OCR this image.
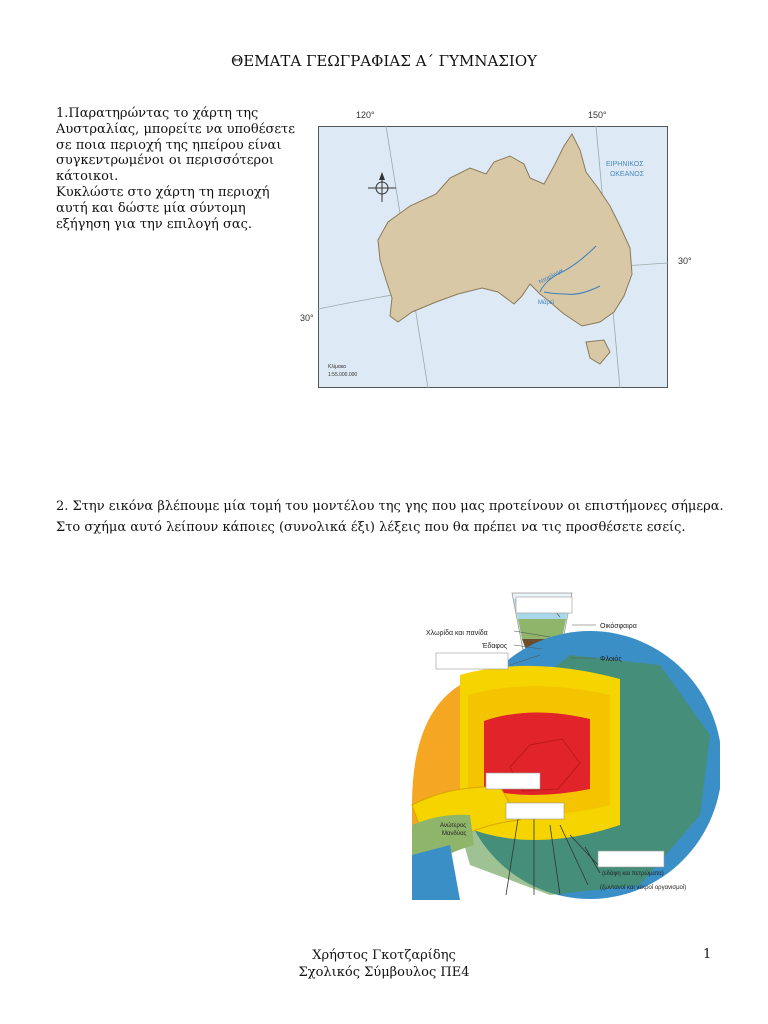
ΘΕΜΑΤΑ ΓΕΩΓΡΑΦΙΑΣ Α΄ ΓΥΜΝΑΣΙΟΥ

1.Παρατηρώντας το χάρτη της Αυστραλίας, μπορείτε να υποθέσετε σε ποια περιοχή της ηπείρου είναι συγκεντρωμένοι οι περισσότεροι κάτοικοι.

Κυκλώστε στο χάρτη τη περιοχή αυτή και δώστε μία σύντομη εξήγηση για την επιλογή σας.

ΕΙΡΗΝΙΚΟΣ
ΩΚΕΑΝΟΣ
Νταρλινγκ
Μάρεϊ
Κλίμακα
1:55.000.000
120°	150°
30°
30°

2. Στην εικόνα βλέπουμε μία τομή του μοντέλου της γης που μας προτείνουν οι επιστήμονες σήμερα. Στο σχήμα αυτό λείπουν κάποιες (συνολικά έξι) λέξεις που θα πρέπει να τις προσθέσετε εσείς.

Οικόσφαιρα
Χλωρίδα και πανίδα
Έδαφος
Φλοιός
Ανώτερος
Μανδύας
(εδάφη και πετρώματα)
(ζωντανοί και νεκροί οργανισμοί)
Χρήστος Γκοτζαρίδης
Σχολικός Σύμβουλος ΠΕ4
1
